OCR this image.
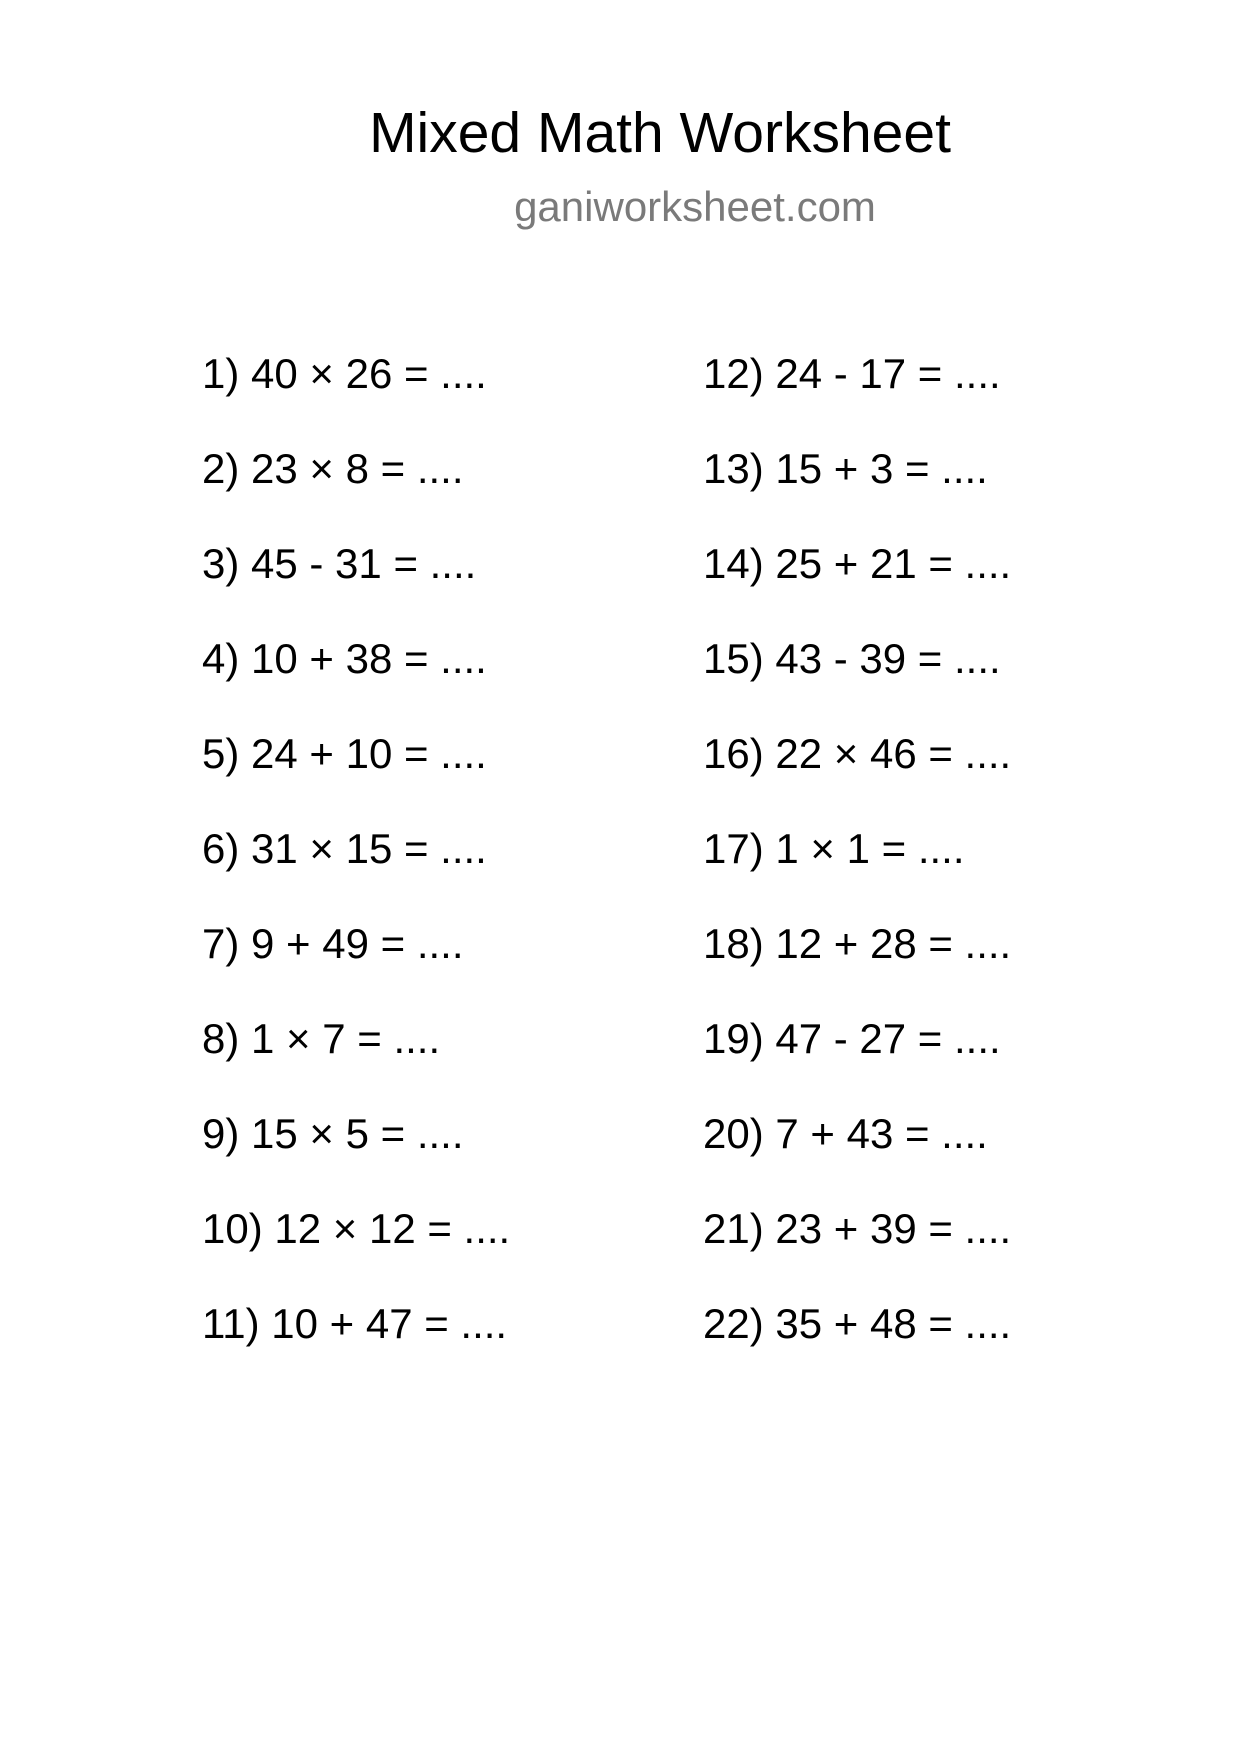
Mixed Math Worksheet
ganiworksheet.com
1) 40 × 26 = ....
2) 23 × 8 = ....
3) 45 - 31 = ....
4) 10 + 38 = ....
5) 24 + 10 = ....
6) 31 × 15 = ....
7) 9 + 49 = ....
8) 1 × 7 = ....
9) 15 × 5 = ....
10) 12 × 12 = ....
11) 10 + 47 = ....
12) 24 - 17 = ....
13) 15 + 3 = ....
14) 25 + 21 = ....
15) 43 - 39 = ....
16) 22 × 46 = ....
17) 1 × 1 = ....
18) 12 + 28 = ....
19) 47 - 27 = ....
20) 7 + 43 = ....
21) 23 + 39 = ....
22) 35 + 48 = ....
